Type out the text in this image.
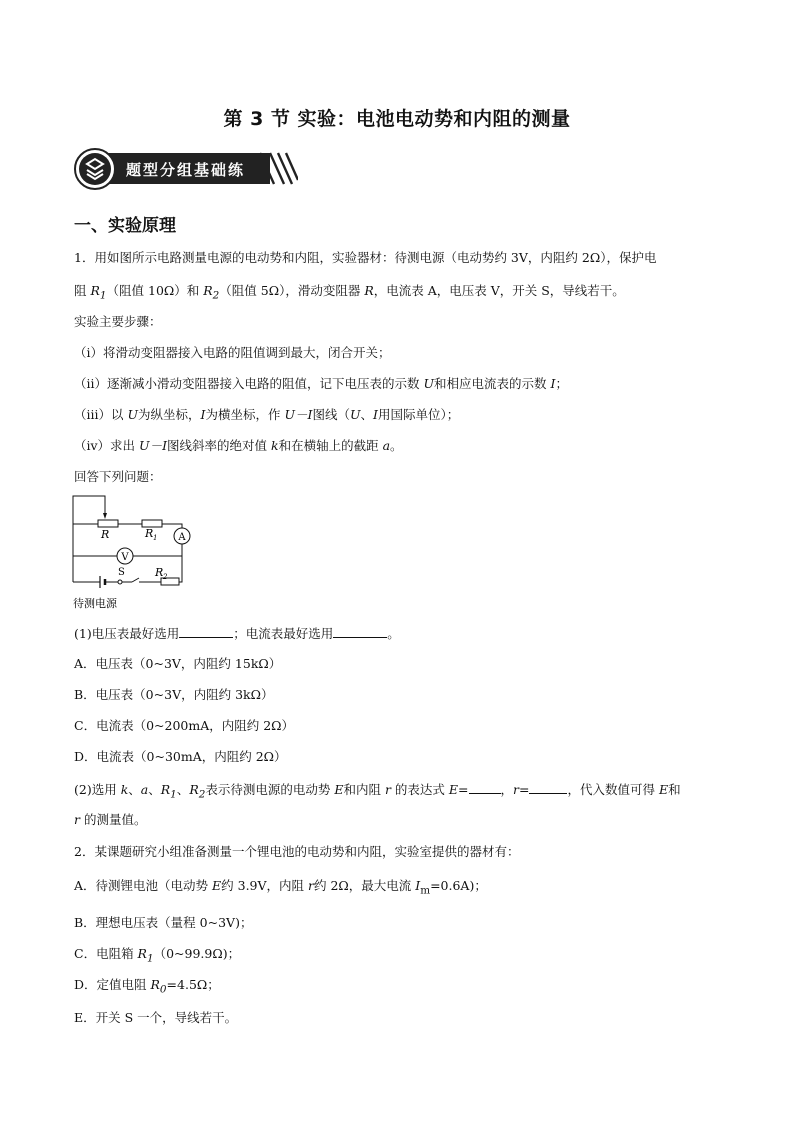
第 3 节 实验：电池电动势和内阻的测量
题型分组基础练
一、实验原理
1．用如图所示电路测量电源的电动势和内阻，实验器材：待测电源（电动势约 3V，内阻约 2Ω），保护电
阻 $R_1$（阻值 10Ω）和 $R_2$（阻值 5Ω），滑动变阻器 R，电流表 A，电压表 V，开关 S，导线若干。
实验主要步骤：
（i）将滑动变阻器接入电路的阻值调到最大，闭合开关；
（ii）逐渐减小滑动变阻器接入电路的阻值，记下电压表的示数 U和相应电流表的示数 I；
（iii）以 U为纵坐标，I为横坐标，作 U－I图线（U、I用国际单位）；
（iv）求出 U－I图线斜率的绝对值 k和在横轴上的截距 a。
回答下列问题：
A
V
R	R 1
S	R 2
待测电源
(1)电压表最好选用	；电流表最好选用	。
A．电压表（0~3V，内阻约 15kΩ）
B．电压表（0~3V，内阻约 3kΩ）
C．电流表（0~200mA，内阻约 2Ω）
D．电流表（0~30mA，内阻约 2Ω）
(2)选用 k、a、$R_1$、$R_2$表示待测电源的电动势 E和内阻 r 的表达式 E=	，r=	，代入数值可得 E和
r 的测量值。
2．某课题研究小组准备测量一个锂电池的电动势和内阻，实验室提供的器材有：
A．待测锂电池（电动势 E约 3.9V，内阻 r约 2Ω，最大电流 $I_m=0.6A$)；
B．理想电压表（量程 0~3V)；
C．电阻箱 $R_1(0\sim 99.9\Omega)$；
D．定值电阻 $R_0=4.5\Omega$；
E．开关 S 一个，导线若干。
